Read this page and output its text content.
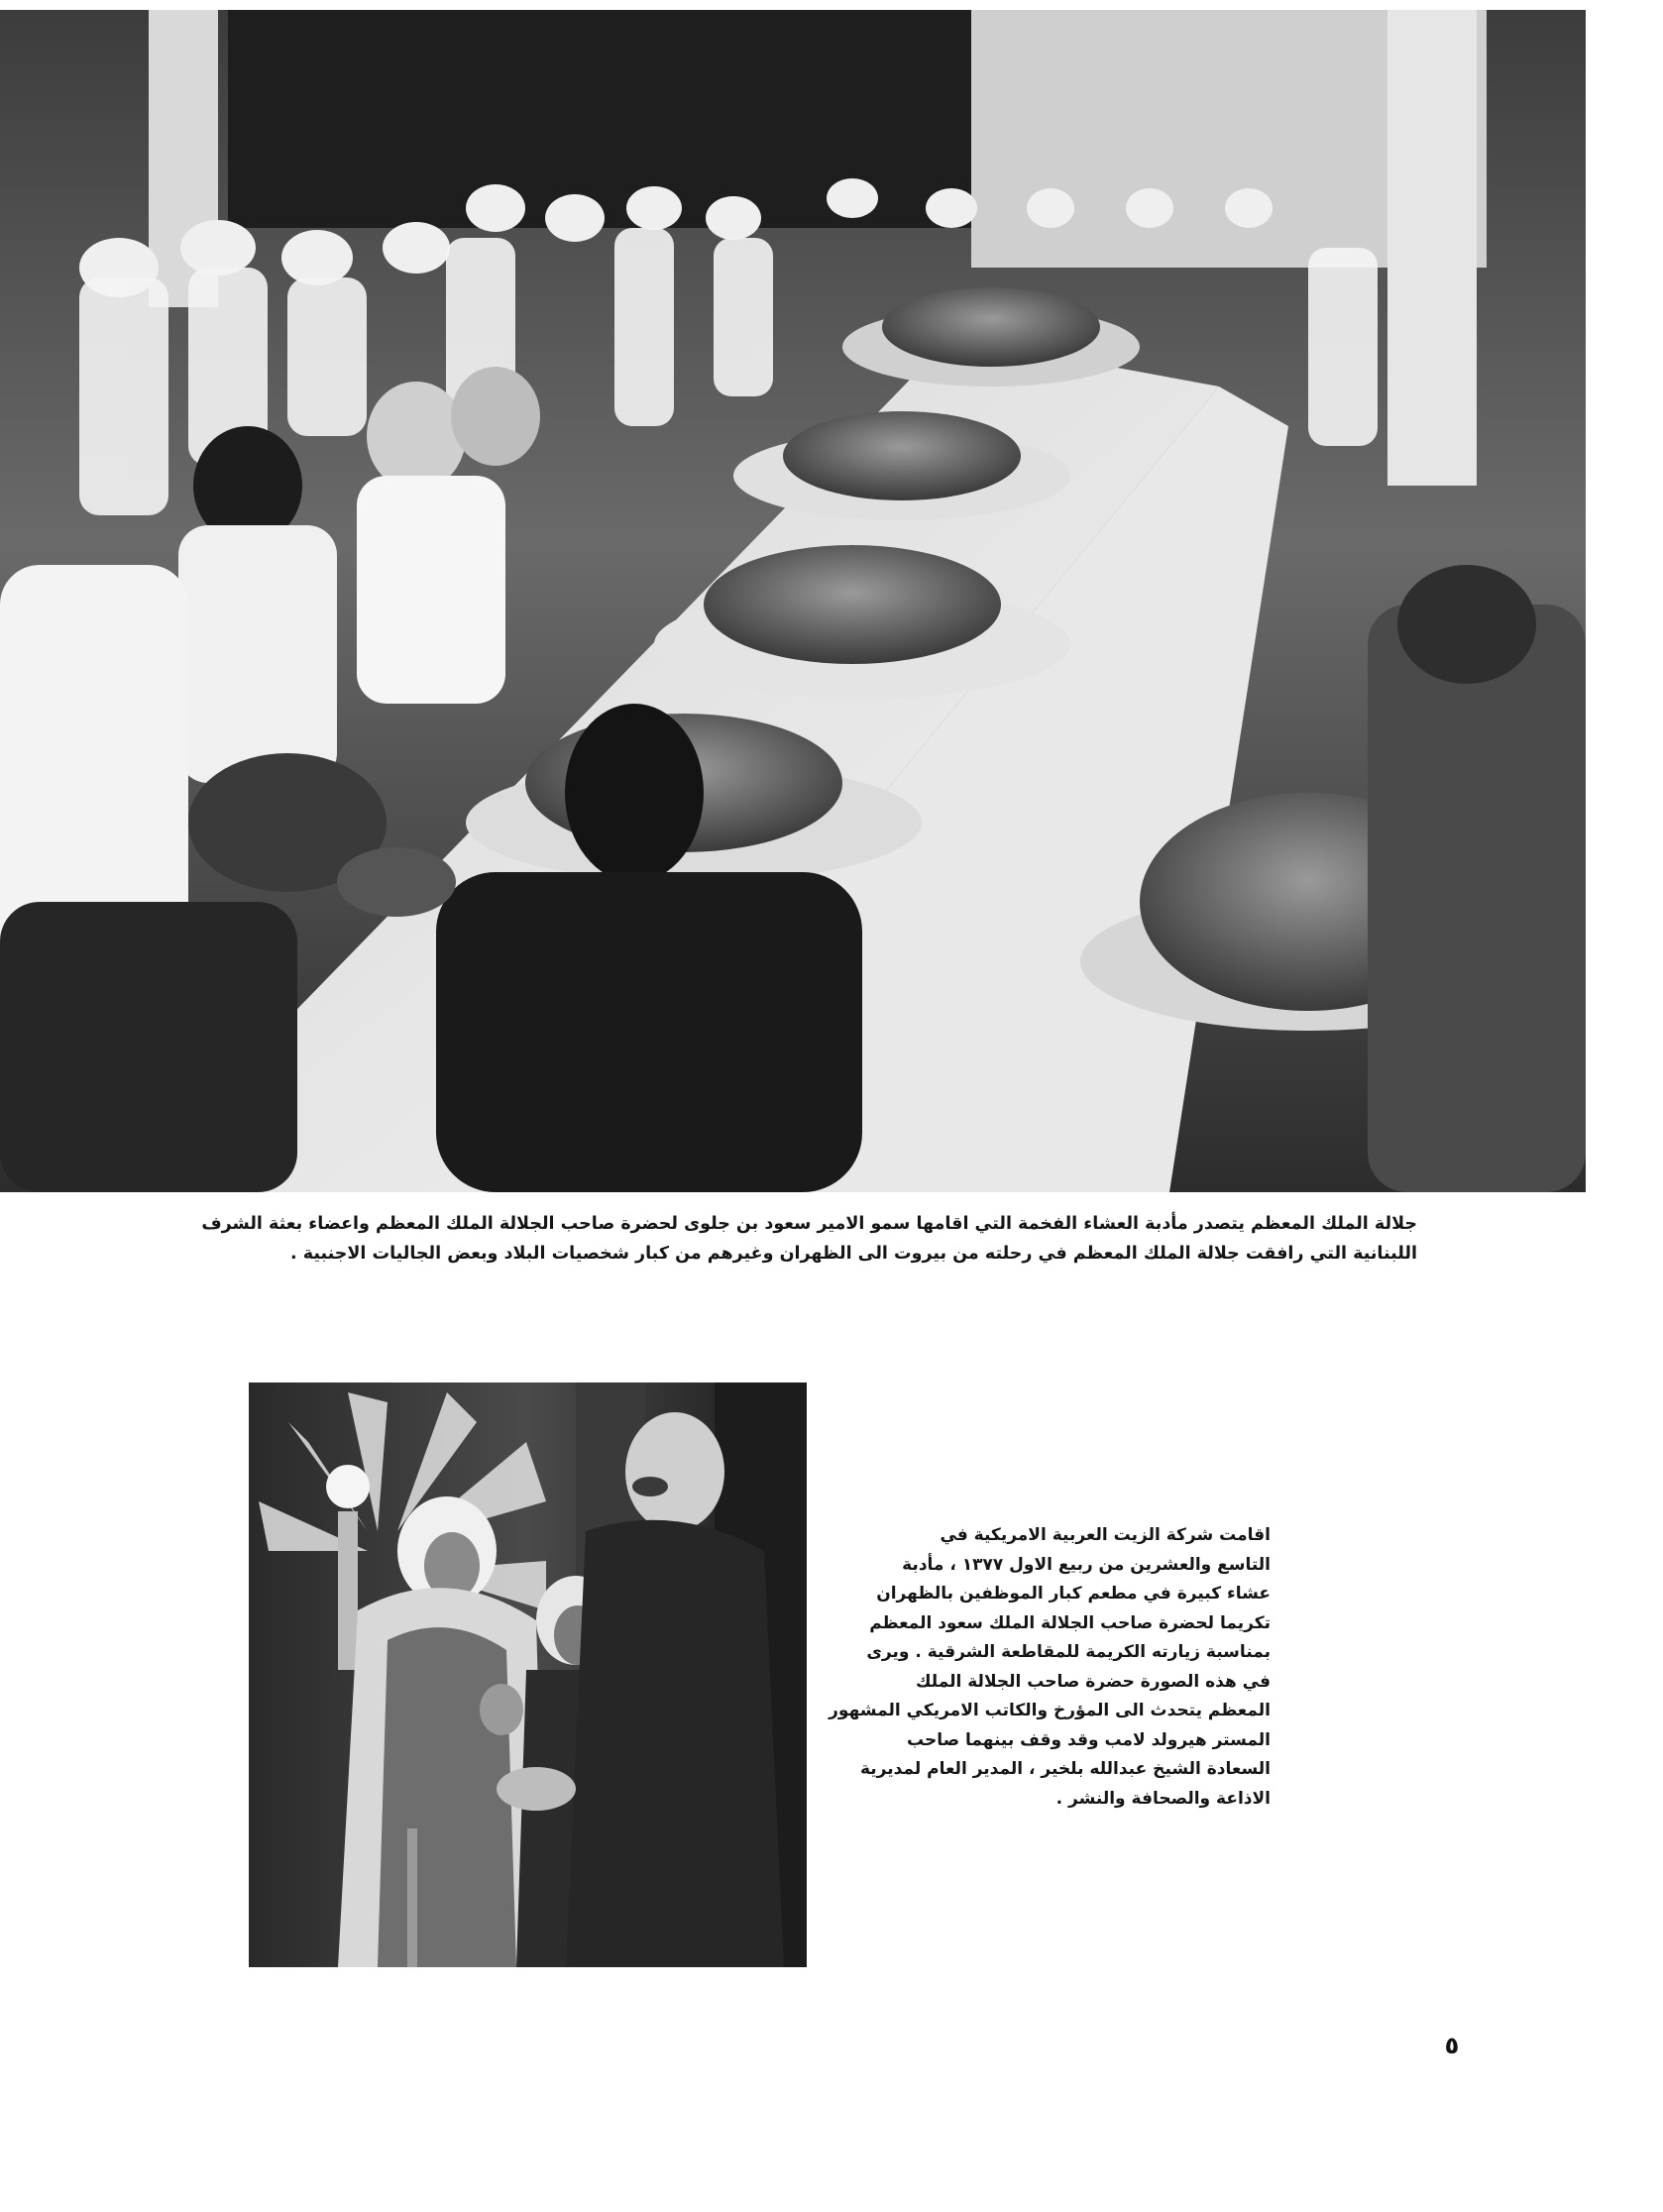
جلالة الملك المعظم يتصدر مأدبة العشاء الفخمة التي اقامها سمو الامير سعود بن جلوى لحضرة صاحب الجلالة الملك المعظم واعضاء بعثة الشرف
اللبنانية التي رافقت جلالة الملك المعظم في رحلته من بيروت الى الظهران وغيرهم من كبار شخصيات البلاد وبعض الجاليات الاجنبية .
اقامت شركة الزيت العربية الامريكية في
التاسع والعشرين من ربيع الاول ١٣٧٧ ، مأدبة
عشاء كبيرة في مطعم كبار الموظفين بالظهران
تكريما لحضرة صاحب الجلالة الملك سعود المعظم
بمناسبة زيارته الكريمة للمقاطعة الشرقية . ويرى
في هذه الصورة حضرة صاحب الجلالة الملك
المعظم يتحدث الى المؤرخ والكاتب الامريكي المشهور
المستر هيرولد لامب وقد وقف بينهما صاحب
السعادة الشيخ عبدالله بلخير ، المدير العام لمديرية
الاذاعة والصحافة والنشر .
٥
